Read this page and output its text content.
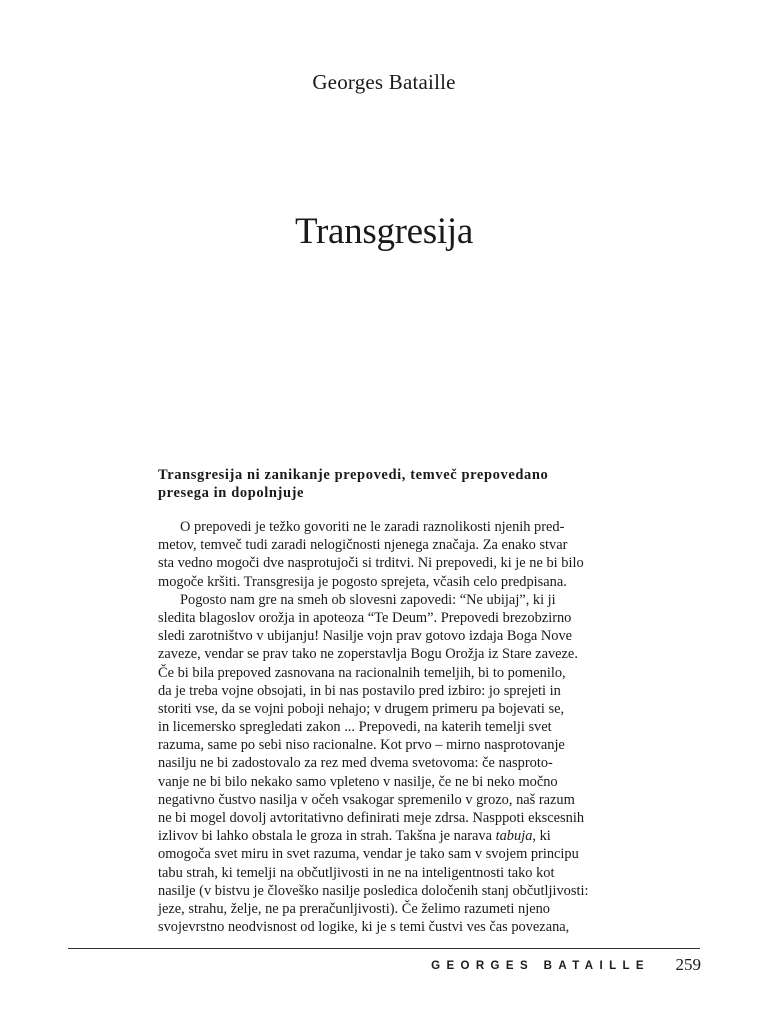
Georges Bataille
Transgresija
Transgresija ni zanikanje prepovedi, temveč prepovedano
presega in dopolnjuje
O prepovedi je težko govoriti ne le zaradi raznolikosti njenih pred-
metov, temveč tudi zaradi nelogičnosti njenega značaja. Za enako stvar
sta vedno mogoči dve nasprotujoči si trditvi. Ni prepovedi, ki je ne bi bilo
mogoče kršiti. Transgresija je pogosto sprejeta, včasih celo predpisana.
Pogosto nam gre na smeh ob slovesni zapovedi: “Ne ubijaj”, ki ji
sledita blagoslov orožja in apoteoza “Te Deum”. Prepovedi brezobzirno
sledi zarotništvo v ubijanju! Nasilje vojn prav gotovo izdaja Boga Nove
zaveze, vendar se prav tako ne zoperstavlja Bogu Orožja iz Stare zaveze.
Če bi bila prepoved zasnovana na racionalnih temeljih, bi to pomenilo,
da je treba vojne obsojati, in bi nas postavilo pred izbiro: jo sprejeti in
storiti vse, da se vojni poboji nehajo; v drugem primeru pa bojevati se,
in licemersko spregledati zakon ... Prepovedi, na katerih temelji svet
razuma, same po sebi niso racionalne. Kot prvo – mirno nasprotovanje
nasilju ne bi zadostovalo za rez med dvema svetovoma: če nasproto-
vanje ne bi bilo nekako samo vpleteno v nasilje, če ne bi neko močno
negativno čustvo nasilja v očeh vsakogar spremenilo v grozo, naš razum
ne bi mogel dovolj avtoritativno definirati meje zdrsa. Naspроti ekscesnih
izlivov bi lahko obstala le groza in strah. Takšna je narava tabuja, ki
omogoča svet miru in svet razuma, vendar je tako sam v svojem principu
tabu strah, ki temelji na občutljivosti in ne na inteligentnosti tako kot
nasilje (v bistvu je človeško nasilje posledica določenih stanj občutljivosti:
jeze, strahu, želje, ne pa preračunljivosti). Če želimo razumeti njeno
svojevrstno neodvisnost od logike, ki je s temi čustvi ves čas povezana,
GEORGES BATAILLE	259
